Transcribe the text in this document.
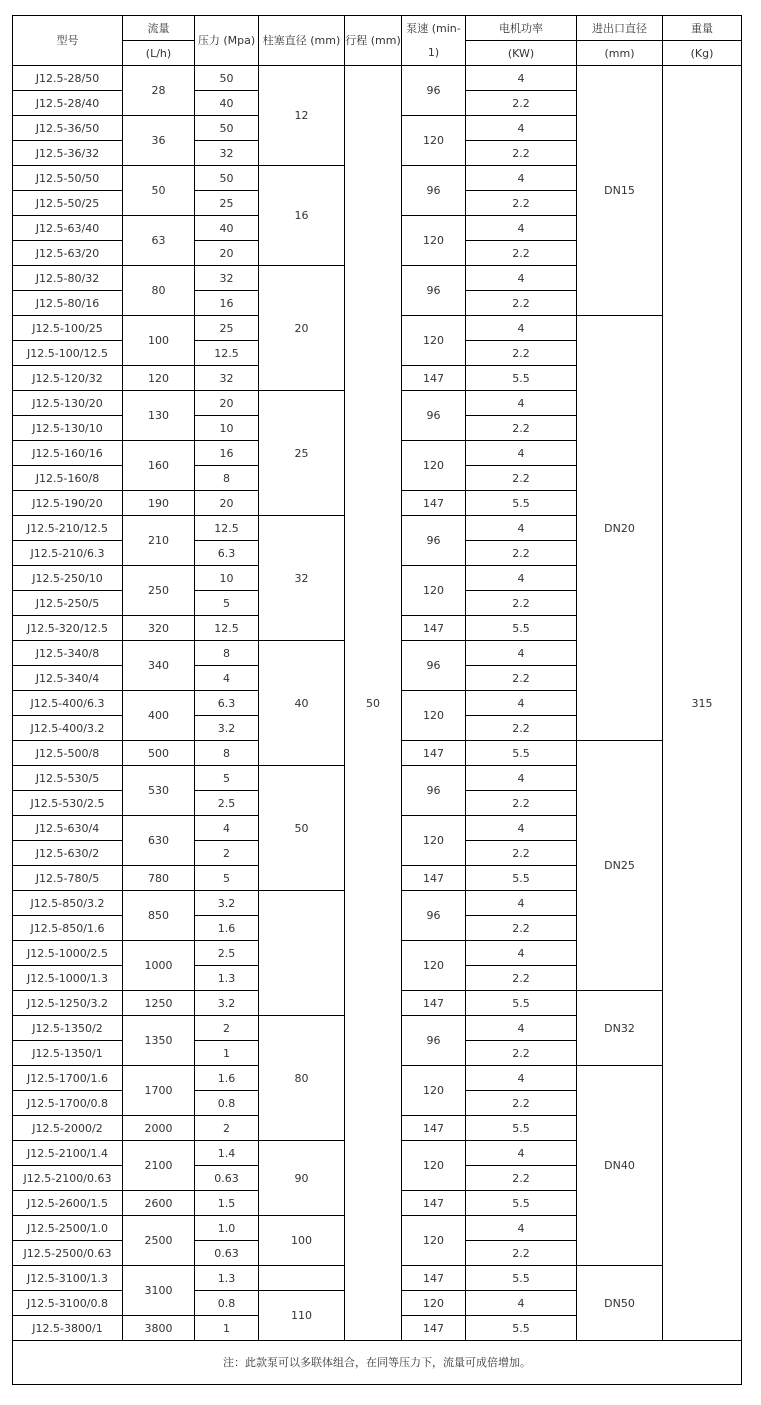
型号	流量	压力 (Mpa)	柱塞直径 (mm)	行程 (mm)	泵速 (min-1)	电机功率	进出口直径	重量
	(L/h)					(KW)	(mm)	(Kg)
J12.5-28/50	28	50	12	50	96	4	DN15	315
J12.5-28/40		40				2.2		
J12.5-36/50	36	50			120	4		
J12.5-36/32		32				2.2		
J12.5-50/50	50	50	16		96	4		
J12.5-50/25		25				2.2		
J12.5-63/40	63	40			120	4		
J12.5-63/20		20				2.2		
J12.5-80/32	80	32	20		96	4		
J12.5-80/16		16				2.2		
J12.5-100/25	100	25			120	4	DN20	
J12.5-100/12.5		12.5				2.2		
J12.5-120/32	120	32			147	5.5		
J12.5-130/20	130	20	25		96	4		
J12.5-130/10		10				2.2		
J12.5-160/16	160	16			120	4		
J12.5-160/8		8				2.2		
J12.5-190/20	190	20			147	5.5		
J12.5-210/12.5	210	12.5	32		96	4		
J12.5-210/6.3		6.3				2.2		
J12.5-250/10	250	10			120	4		
J12.5-250/5		5				2.2		
J12.5-320/12.5	320	12.5			147	5.5		
J12.5-340/8	340	8	40		96	4		
J12.5-340/4		4				2.2		
J12.5-400/6.3	400	6.3			120	4		
J12.5-400/3.2		3.2				2.2		
J12.5-500/8	500	8			147	5.5	DN25	
J12.5-530/5	530	5	50		96	4		
J12.5-530/2.5		2.5				2.2		
J12.5-630/4	630	4			120	4		
J12.5-630/2		2				2.2		
J12.5-780/5	780	5			147	5.5		
J12.5-850/3.2	850	3.2			96	4		
J12.5-850/1.6		1.6				2.2		
J12.5-1000/2.5	1000	2.5			120	4		
J12.5-1000/1.3		1.3				2.2		
J12.5-1250/3.2	1250	3.2			147	5.5	DN32	
J12.5-1350/2	1350	2	80		96	4		
J12.5-1350/1		1				2.2		
J12.5-1700/1.6	1700	1.6			120	4	DN40	
J12.5-1700/0.8		0.8				2.2		
J12.5-2000/2	2000	2			147	5.5		
J12.5-2100/1.4	2100	1.4	90		120	4		
J12.5-2100/0.63		0.63				2.2		
J12.5-2600/1.5	2600	1.5			147	5.5		
J12.5-2500/1.0	2500	1.0	100		120	4		
J12.5-2500/0.63		0.63				2.2		
J12.5-3100/1.3	3100	1.3			147	5.5	DN50	
J12.5-3100/0.8		0.8	110		120	4		
J12.5-3800/1	3800	1			147	5.5		
注：此款泵可以多联体组合，在同等压力下，流量可成倍增加。								
